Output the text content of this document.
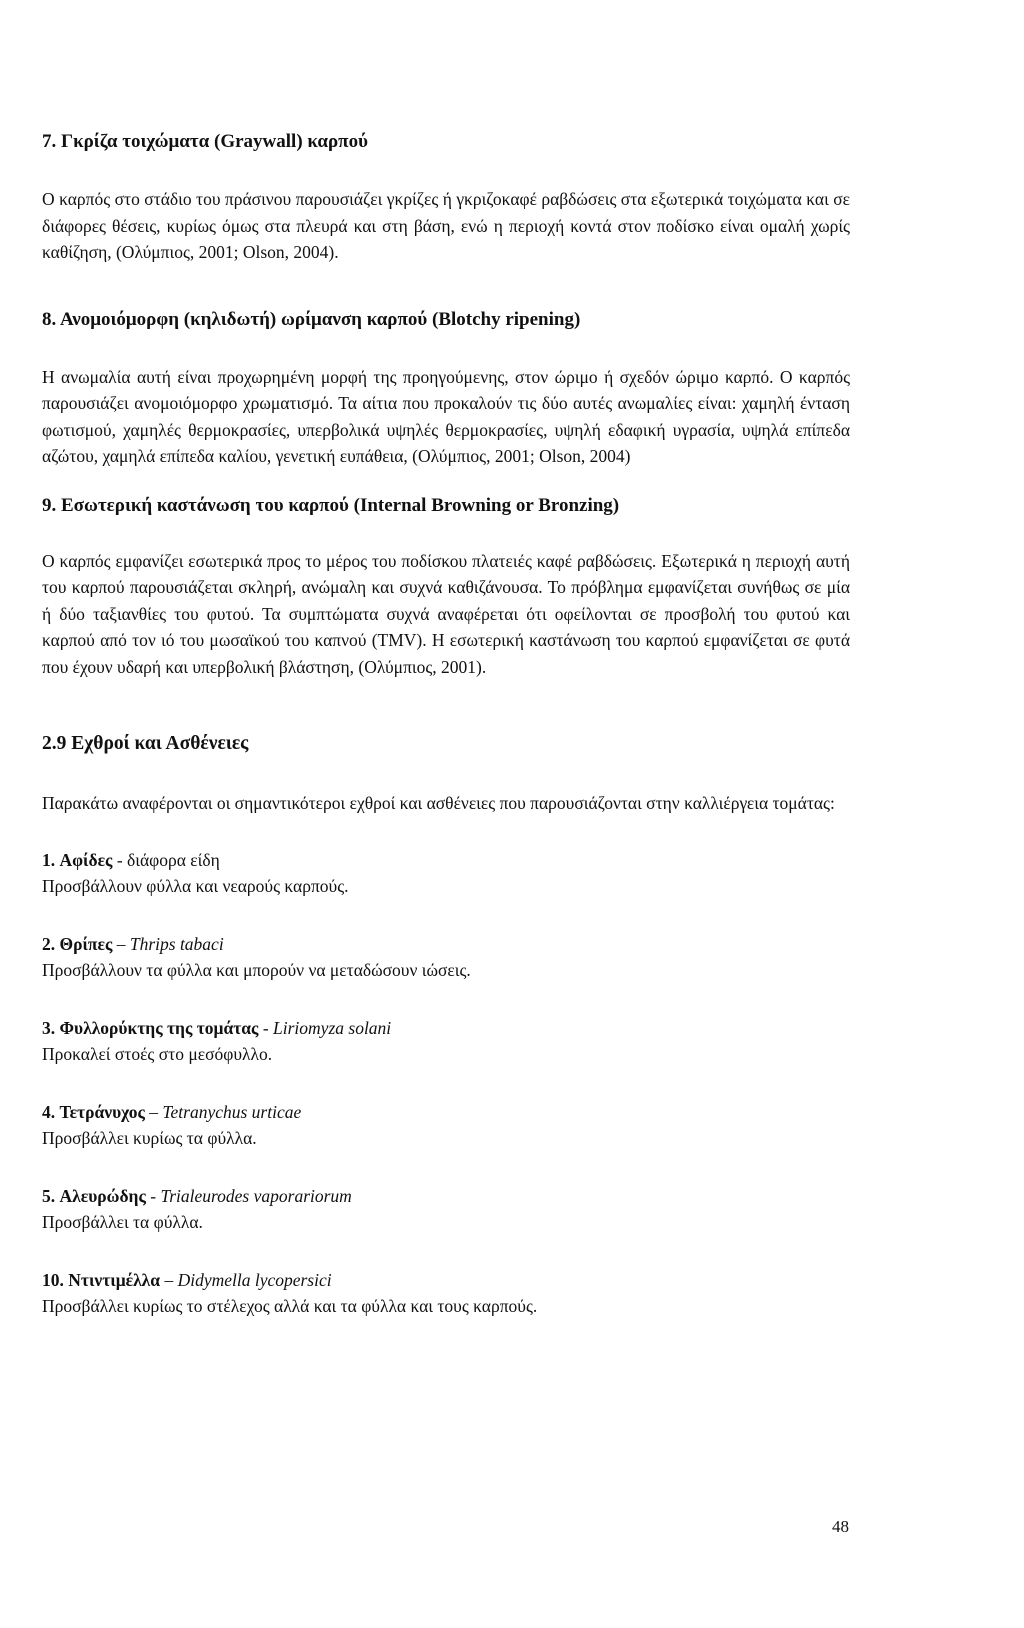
7. Γκρίζα τοιχώματα (Graywall) καρπού

Ο καρπός στο στάδιο του πράσινου παρουσιάζει γκρίζες ή γκριζοκαφέ ραβδώσεις στα εξωτερικά τοιχώματα και σε διάφορες θέσεις, κυρίως όμως στα πλευρά και στη βάση, ενώ η περιοχή κοντά στον ποδίσκο είναι ομαλή χωρίς καθίζηση, (Ολύμπιος, 2001; Olson, 2004).

8. Ανομοιόμορφη (κηλιδωτή) ωρίμανση καρπού (Blotchy ripening)

Η ανωμαλία αυτή είναι προχωρημένη μορφή της προηγούμενης, στον ώριμο ή σχεδόν ώριμο καρπό. Ο καρπός παρουσιάζει ανομοιόμορφο χρωματισμό. Τα αίτια που προκαλούν τις δύο αυτές ανωμαλίες είναι: χαμηλή ένταση φωτισμού, χαμηλές θερμοκρασίες, υπερβολικά υψηλές θερμοκρασίες, υψηλή εδαφική υγρασία, υψηλά επίπεδα αζώτου, χαμηλά επίπεδα καλίου, γενετική ευπάθεια, (Ολύμπιος, 2001; Olson, 2004)

9. Εσωτερική καστάνωση του καρπού (Internal Browning or Bronzing)

Ο καρπός εμφανίζει εσωτερικά προς το μέρος του ποδίσκου πλατειές καφέ ραβδώσεις. Εξωτερικά η περιοχή αυτή του καρπού παρουσιάζεται σκληρή, ανώμαλη και συχνά καθιζάνουσα. Το πρόβλημα εμφανίζεται συνήθως σε μία ή δύο ταξιανθίες του φυτού. Τα συμπτώματα συχνά αναφέρεται ότι οφείλονται σε προσβολή του φυτού και καρπού από τον ιό του μωσαϊκού του καπνού (TMV). Η εσωτερική καστάνωση του καρπού εμφανίζεται σε φυτά που έχουν υδαρή και υπερβολική βλάστηση, (Ολύμπιος, 2001).

2.9 Εχθροί και Ασθένειες

Παρακάτω αναφέρονται οι σημαντικότεροι εχθροί και ασθένειες που παρουσιάζονται στην καλλιέργεια τομάτας:

1. Αφίδες - διάφορα είδη
Προσβάλλουν φύλλα και νεαρούς καρπούς.
2. Θρίπες – Thrips tabaci
Προσβάλλουν τα φύλλα και μπορούν να μεταδώσουν ιώσεις.
3. Φυλλορύκτης της τομάτας - Liriomyza solani
Προκαλεί στοές στο μεσόφυλλο.
4. Τετράνυχος – Tetranychus urticae
Προσβάλλει κυρίως τα φύλλα.
5. Αλευρώδης - Trialeurodes vaporariorum
Προσβάλλει τα φύλλα.
10. Ντιντιμέλλα – Didymella lycopersici
Προσβάλλει κυρίως το στέλεχος αλλά και τα φύλλα και τους καρπούς.
48
